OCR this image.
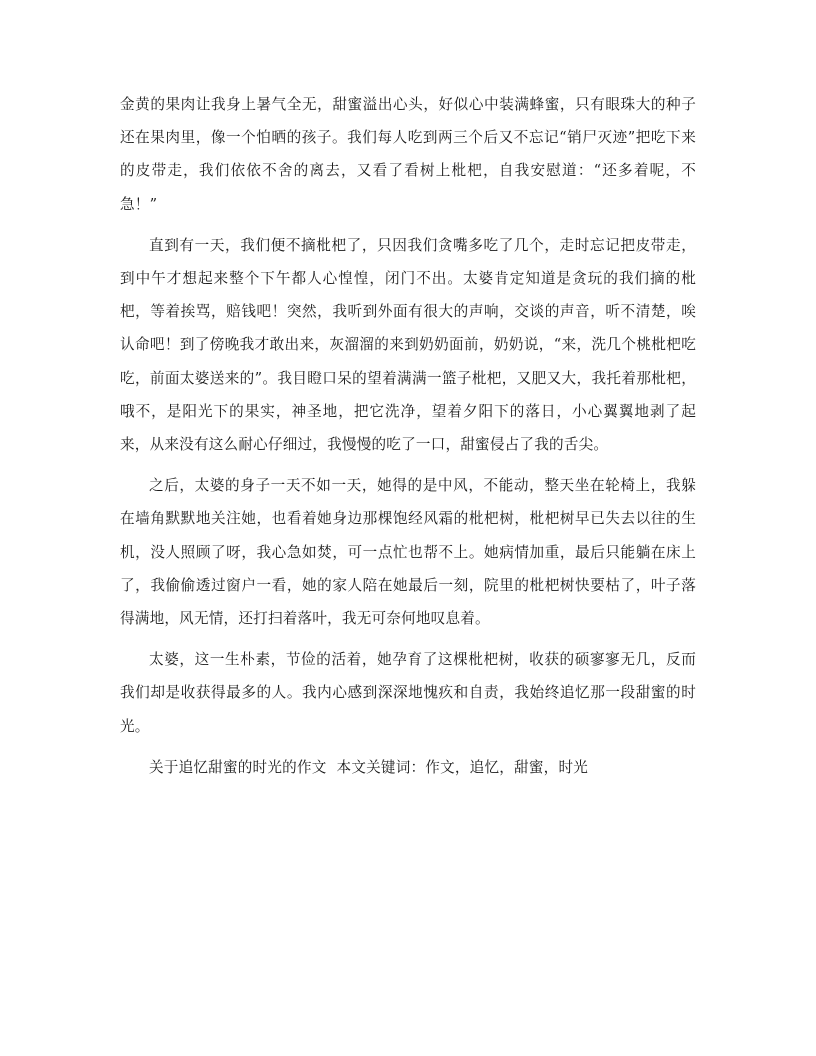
金黄的果肉让我身上暑气全无，甜蜜溢出心头，好似心中装满蜂蜜，只有眼珠大的种子还在果肉里，像一个怕晒的孩子。我们每人吃到两三个后又不忘记“销尸灭迹”把吃下来的皮带走，我们依依不舍的离去，又看了看树上枇杷，自我安慰道：“还多着呢，不急！”

直到有一天，我们便不摘枇杷了，只因我们贪嘴多吃了几个，走时忘记把皮带走，到中午才想起来整个下午都人心惶惶，闭门不出。太婆肯定知道是贪玩的我们摘的枇杷，等着挨骂，赔钱吧！突然，我听到外面有很大的声响，交谈的声音，听不清楚，唉认命吧！到了傍晚我才敢出来，灰溜溜的来到奶奶面前，奶奶说，“来，洗几个桃枇杷吃吃，前面太婆送来的”。我目瞪口呆的望着满满一篮子枇杷，又肥又大，我托着那枇杷，哦不，是阳光下的果实，神圣地，把它洗净，望着夕阳下的落日，小心翼翼地剥了起来，从来没有这么耐心仔细过，我慢慢的吃了一口，甜蜜侵占了我的舌尖。

之后，太婆的身子一天不如一天，她得的是中风，不能动，整天坐在轮椅上，我躲在墙角默默地关注她，也看着她身边那棵饱经风霜的枇杷树，枇杷树早已失去以往的生机，没人照顾了呀，我心急如焚，可一点忙也帮不上。她病情加重，最后只能躺在床上了，我偷偷透过窗户一看，她的家人陪在她最后一刻，院里的枇杷树快要枯了，叶子落得满地，风无情，还打扫着落叶，我无可奈何地叹息着。

太婆，这一生朴素，节俭的活着，她孕育了这棵枇杷树，收获的硕寥寥无几，反而我们却是收获得最多的人。我内心感到深深地愧疚和自责，我始终追忆那一段甜蜜的时光。

关于追忆甜蜜的时光的作文 本文关键词：作文，追忆，甜蜜，时光
